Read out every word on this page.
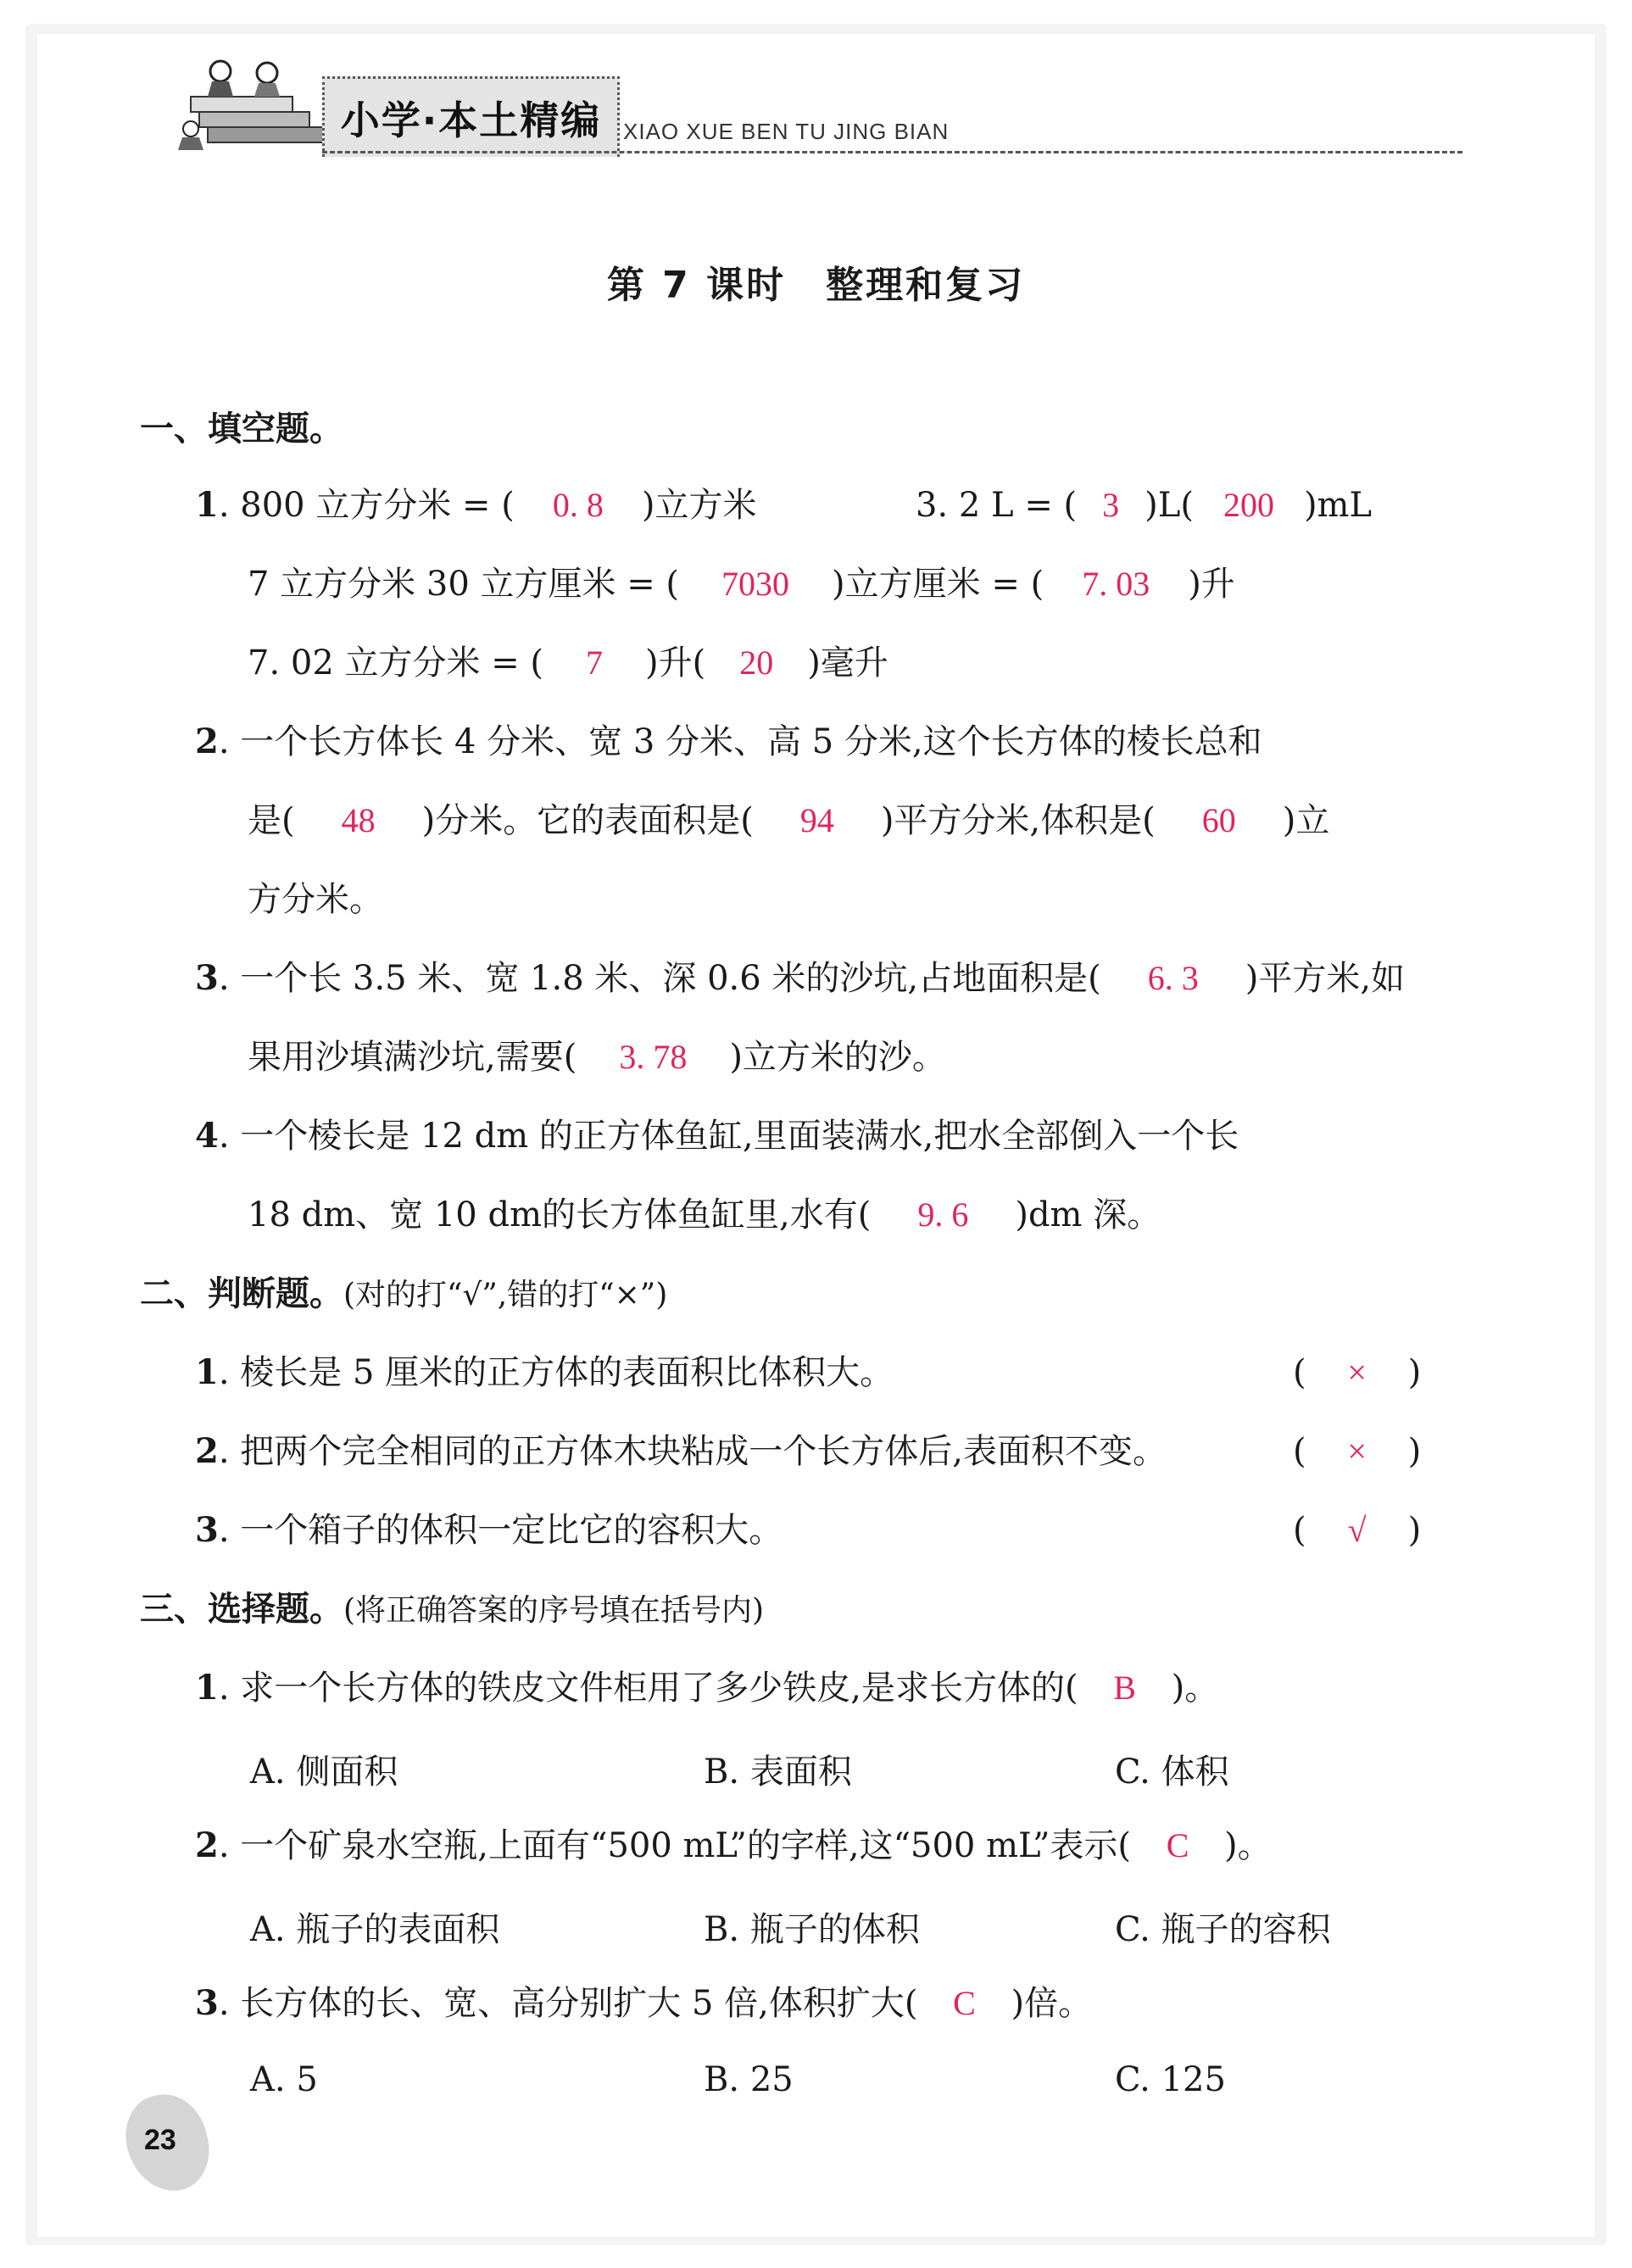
小学·本土精编 XIAO XUE BEN TU JING BIAN
第 7 课时　整理和复习
一、填空题。
1. 800 立方分米 = ( 0. 8 )立方米	3. 2 L = ( 3 )L( 200 )mL
7 立方分米 30 立方厘米 = ( 7030 )立方厘米 = ( 7. 03 )升
7. 02 立方分米 = ( 7 )升( 20 )毫升
2. 一个长方体长 4 分米、宽 3 分米、高 5 分米,这个长方体的棱长总和
是( 48 )分米。它的表面积是( 94 )平方分米,体积是( 60 )立
方分米。
3. 一个长 3.5 米、宽 1.8 米、深 0.6 米的沙坑,占地面积是( 6. 3 )平方米,如
果用沙填满沙坑,需要( 3. 78 )立方米的沙。
4. 一个棱长是 12 dm 的正方体鱼缸,里面装满水,把水全部倒入一个长
18 dm、宽 10 dm的长方体鱼缸里,水有( 9. 6 )dm 深。
二、判断题。(对的打“√”,错的打“×”)
1. 棱长是 5 厘米的正方体的表面积比体积大。	( × )
2. 把两个完全相同的正方体木块粘成一个长方体后,表面积不变。	( × )
3. 一个箱子的体积一定比它的容积大。	( √ )
三、选择题。(将正确答案的序号填在括号内)
1. 求一个长方体的铁皮文件柜用了多少铁皮,是求长方体的( B )。
A. 侧面积	B. 表面积	C. 体积
2. 一个矿泉水空瓶,上面有“500 mL”的字样,这“500 mL”表示( C )。
A. 瓶子的表面积	B. 瓶子的体积	C. 瓶子的容积
3. 长方体的长、宽、高分别扩大 5 倍,体积扩大( C )倍。
A. 5	B. 25	C. 125
23
